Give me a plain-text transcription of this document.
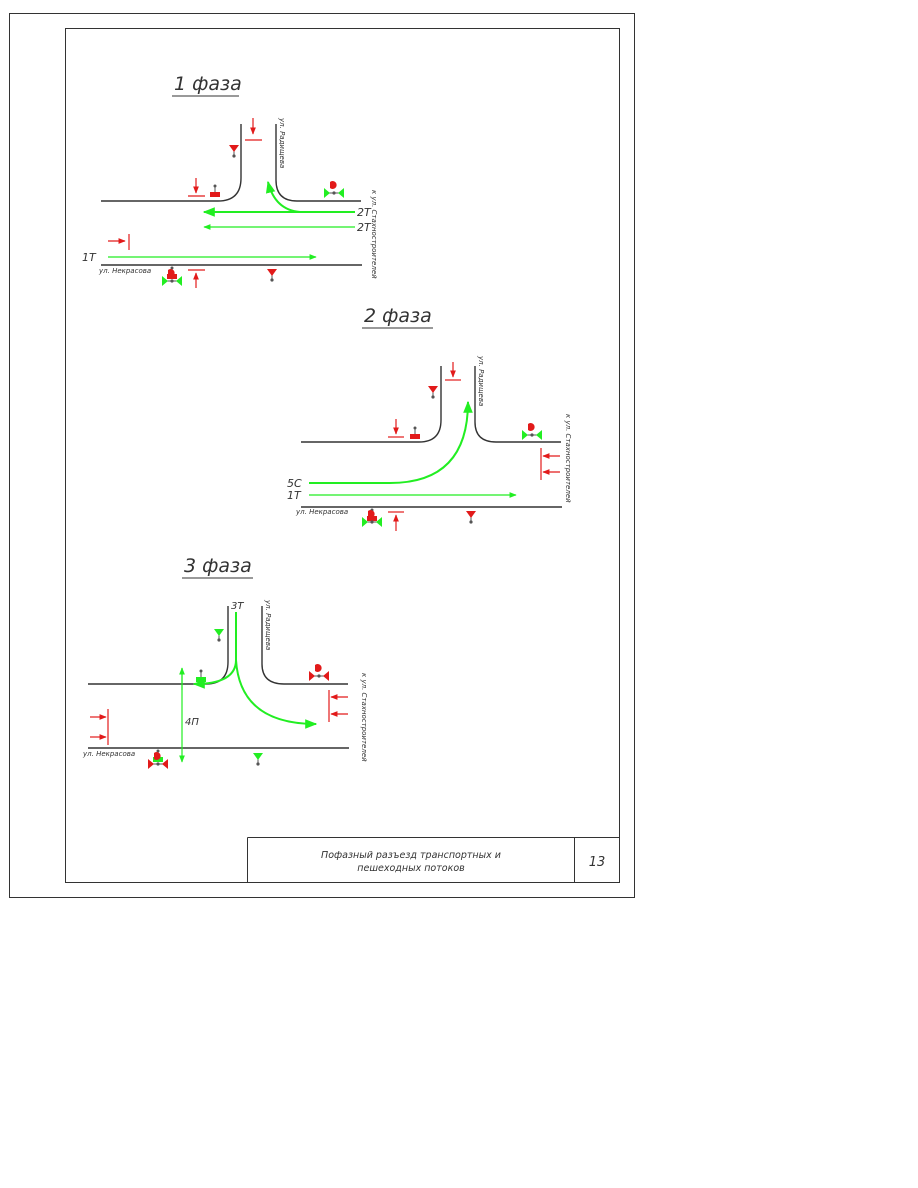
1 фаза
ул. Радищева
ул. Некрасова	к ул. Стахностроителей
2T
2T
1T
2 фаза
ул. Радищева
ул. Некрасова
к ул. Стахностроителей
5C
1T
3 фаза
ул. Радищева
ул. Некрасова	к ул. Стахностроителей
3T
4П
Пофазный разъезд транспортных и
пешеходных потоков	13
